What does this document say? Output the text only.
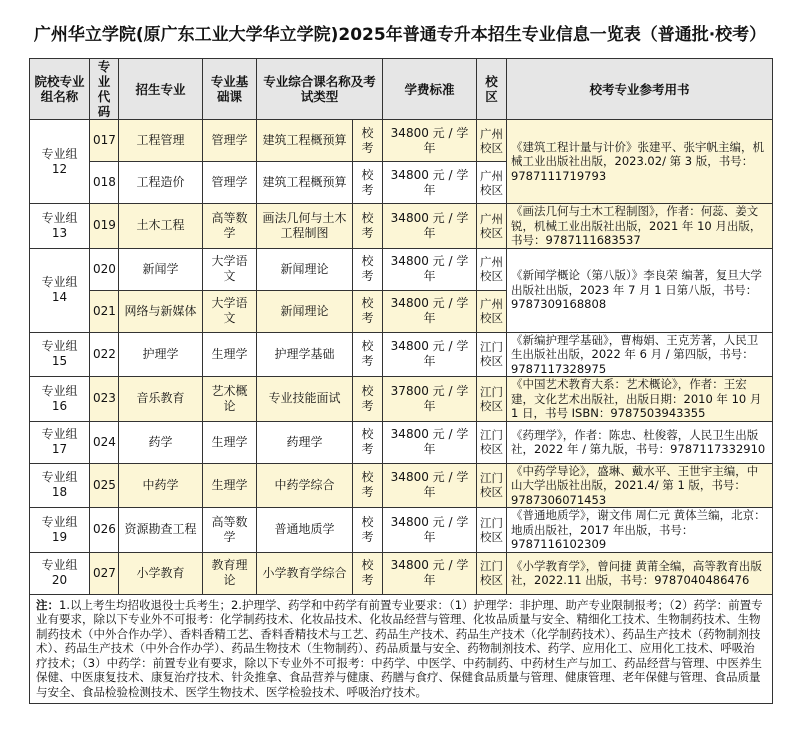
广州华立学院(原广东工业大学华立学院)2025年普通专升本招生专业信息一览表（普通批·校考）
院校专业组名称	专业代码	招生专业	专业基础课	专业综合课名称及考试类型		学费标准	校区	校考专业参考用书
专业组 12	017	工程管理	管理学	建筑工程概预算	校考	34800 元 / 学年	广州校区	《建筑工程计量与计价》张建平、张宇帆主编，机械工业出版社出版，2023.02/ 第 3 版，书号：9787111719793
	018	工程造价	管理学	建筑工程概预算	校考	34800 元 / 学年	广州校区	
专业组 13	019	土木工程	高等数学	画法几何与土木工程制图	校考	34800 元 / 学年	广州校区	《画法几何与土木工程制图》，作者：何蕊、姜文锐，机械工业出版社出版，2021 年 10 月出版，书号：9787111683537
专业组 14	020	新闻学	大学语文	新闻理论	校考	34800 元 / 学年	广州校区	《新闻学概论（第八版）》李良荣 编著，复旦大学出版社出版，2023 年 7 月 1 日第八版，书号：9787309168808
	021	网络与新媒体	大学语文	新闻理论	校考	34800 元 / 学年	广州校区	
专业组 15	022	护理学	生理学	护理学基础	校考	34800 元 / 学年	江门校区	《新编护理学基础》，曹梅娟、王克芳著，人民卫生出版社出版，2022 年 6 月 / 第四版，书号：9787117328975
专业组 16	023	音乐教育	艺术概论	专业技能面试	校考	37800 元 / 学年	江门校区	《中国艺术教育大系：艺术概论》，作者：王宏建，文化艺术出版社，出版日期：2010 年 10 月 1 日，书号 ISBN：9787503943355
专业组 17	024	药学	生理学	药理学	校考	34800 元 / 学年	江门校区	《药理学》，作者：陈忠、杜俊蓉，人民卫生出版社，2022 年 / 第九版，书号：9787117332910
专业组 18	025	中药学	生理学	中药学综合	校考	34800 元 / 学年	江门校区	《中药学导论》，盛琳、戴水平、王世宇主编，中山大学出版社出版，2021.4/ 第 1 版，书号：9787306071453
专业组 19	026	资源勘查工程	高等数学	普通地质学	校考	34800 元 / 学年	江门校区	《普通地质学》，谢文伟 周仁元 黄体兰编，北京：地质出版社，2017 年出版，书号：9787116102309
专业组 20	027	小学教育	教育理论	小学教育学综合	校考	34800 元 / 学年	江门校区	《小学教育学》，曾问捷 黄莆全编，高等教育出版社，2022.11 出版，书号：9787040486476
注：1.以上考生均招收退役士兵考生；2.护理学、药学和中药学有前置专业要求：（1）护理学：非护理、助产专业限制报考；（2）药学：前置专业有要求，除以下专业外不可报考：化学制药技术、化妆品技术、化妆品经营与管理、化妆品质量与安全、精细化工技术、生物制药技术、生物制药技术（中外合作办学）、香料香精工艺、香料香精技术与工艺、药品生产技术、药品生产技术（化学制药技术）、药品生产技术（药物制剂技术）、药品生产技术（中外合作办学）、药品生物技术（生物制药）、药品质量与安全、药物制剂技术、药学、应用化工、应用化工技术、呼吸治疗技术；（3）中药学：前置专业有要求，除以下专业外不可报考：中药学、中医学、中药制药、中药材生产与加工、药品经营与管理、中医养生保健、中医康复技术、康复治疗技术、针灸推拿、食品营养与健康、药膳与食疗、保健食品质量与管理、健康管理、老年保健与管理、食品质量与安全、食品检验检测技术、医学生物技术、医学检验技术、呼吸治疗技术。								
